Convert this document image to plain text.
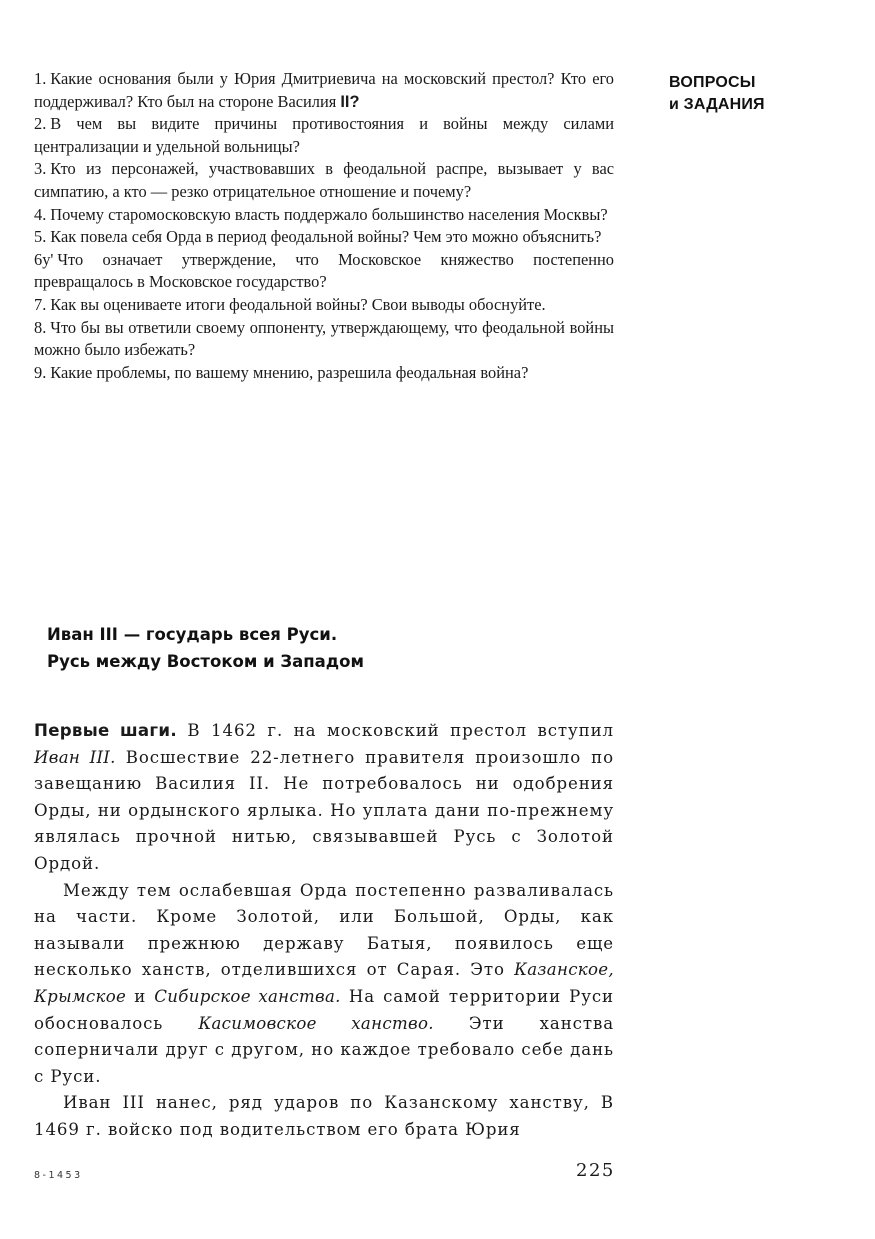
1. Какие основания были у Юрия Дмитриевича на московский престол? Кто его поддерживал? Кто был на стороне Василия II?

2. В чем вы видите причины противостояния и войны между силами централизации и удельной вольницы?

3. Кто из персонажей, участвовавших в феодальной распре, вызывает у вас симпатию, а кто — резко отрицательное отношение и почему?

4. Почему старомосковскую власть поддержало большинство населения Москвы?

5. Как повела себя Орда в период феодальной войны? Чем это можно объяснить?

6у' Что означает утверждение, что Московское княжество постепенно превращалось в Московское государство?

7. Как вы оцениваете итоги феодальной войны? Свои выводы обоснуйте.

8. Что бы вы ответили своему оппоненту, утверждающему, что феодальной войны можно было избежать?

9. Какие проблемы, по вашему мнению, разрешила феодальная война?

ВОПРОСЫ
и ЗАДАНИЯ
Иван III — государь всея Руси.
Русь между Востоком и Западом

Первые шаги. В 1462 г. на московский престол вступил Иван III. Восшествие 22-летнего правителя произошло по завещанию Василия II. Не потребовалось ни одобрения Орды, ни ордынского ярлыка. Но уплата дани по-прежнему являлась прочной нитью, связывавшей Русь с Золотой Ордой.

Между тем ослабевшая Орда постепенно разваливалась на части. Кроме Золотой, или Большой, Орды, как называли прежнюю державу Батыя, появилось еще несколько ханств, отделившихся от Сарая. Это Казанское, Крымское и Сибирское ханства. На самой территории Руси обосновалось Касимовское ханство. Эти ханства соперничали друг с другом, но каждое требовало себе дань с Руси.

Иван III нанес, ряд ударов по Казанскому ханству, В 1469 г. войско под водительством его брата Юрия

8-1453	225
